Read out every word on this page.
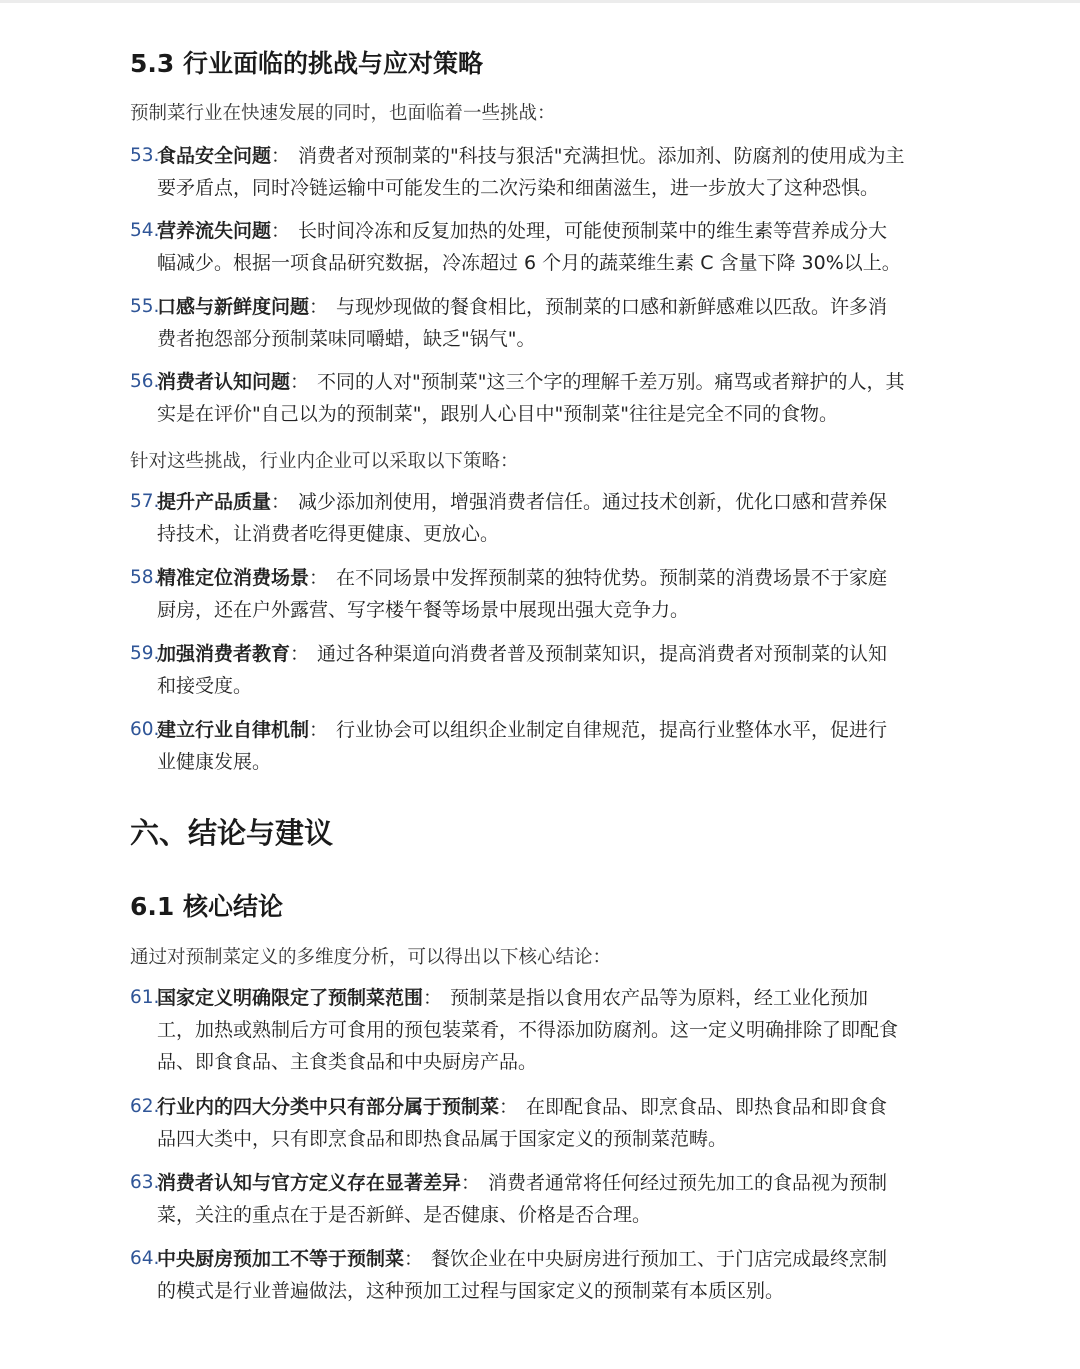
5.3 行业面临的挑战与应对策略

预制菜行业在快速发展的同时，也面临着一些挑战：

53.
食品安全问题： 消费者对预制菜的"科技与狠活"充满担忧。添加剂、防腐剂的使用成为主
要矛盾点，同时冷链运输中可能发生的二次污染和细菌滋生，进一步放大了这种恐惧。
54.
营养流失问题： 长时间冷冻和反复加热的处理，可能使预制菜中的维生素等营养成分大
幅减少。根据一项食品研究数据，冷冻超过 6 个月的蔬菜维生素 C 含量下降 30%以上。
55.
口感与新鲜度问题： 与现炒现做的餐食相比，预制菜的口感和新鲜感难以匹敌。许多消
费者抱怨部分预制菜味同嚼蜡，缺乏"锅气"。
56.
消费者认知问题： 不同的人对"预制菜"这三个字的理解千差万别。痛骂或者辩护的人，其
实是在评价"自己以为的预制菜"，跟别人心目中"预制菜"往往是完全不同的食物。

针对这些挑战，行业内企业可以采取以下策略：

57.
提升产品质量： 减少添加剂使用，增强消费者信任。通过技术创新，优化口感和营养保
持技术，让消费者吃得更健康、更放心。
58.
精准定位消费场景： 在不同场景中发挥预制菜的独特优势。预制菜的消费场景不于家庭
厨房，还在户外露营、写字楼午餐等场景中展现出强大竞争力。
59.
加强消费者教育： 通过各种渠道向消费者普及预制菜知识，提高消费者对预制菜的认知
和接受度。
60.
建立行业自律机制： 行业协会可以组织企业制定自律规范，提高行业整体水平，促进行
业健康发展。
六、结论与建议
6.1 核心结论

通过对预制菜定义的多维度分析，可以得出以下核心结论：

61.
国家定义明确限定了预制菜范围： 预制菜是指以食用农产品等为原料，经工业化预加
工，加热或熟制后方可食用的预包装菜肴，不得添加防腐剂。这一定义明确排除了即配食
品、即食食品、主食类食品和中央厨房产品。
62.
行业内的四大分类中只有部分属于预制菜： 在即配食品、即烹食品、即热食品和即食食
品四大类中，只有即烹食品和即热食品属于国家定义的预制菜范畴。
63.
消费者认知与官方定义存在显著差异： 消费者通常将任何经过预先加工的食品视为预制
菜，关注的重点在于是否新鲜、是否健康、价格是否合理。
64.
中央厨房预加工不等于预制菜： 餐饮企业在中央厨房进行预加工、于门店完成最终烹制
的模式是行业普遍做法，这种预加工过程与国家定义的预制菜有本质区别。
